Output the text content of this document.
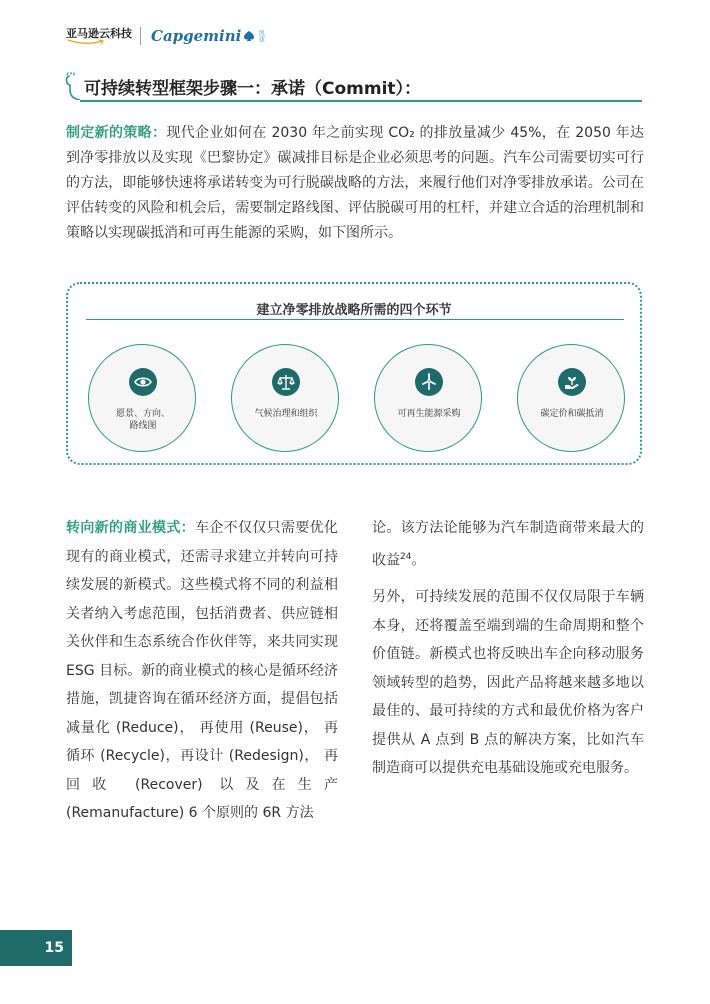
亚马逊云科技 Capgemini	凯捷
可持续转型框架步骤一：承诺（Commit）：

制定新的策略：现代企业如何在 2030 年之前实现 CO₂ 的排放量减少 45%，在 2050 年达到净零排放以及实现《巴黎协定》碳减排目标是企业必须思考的问题。汽车公司需要切实可行的方法，即能够快速将承诺转变为可行脱碳战略的方法，来履行他们对净零排放承诺。公司在评估转变的风险和机会后，需要制定路线图、评估脱碳可用的杠杆，并建立合适的治理机制和策略以实现碳抵消和可再生能源的采购，如下图所示。

建立净零排放战略所需的四个环节
愿景、方向、
路线图
气候治理和组织	可再生能源采购	碳定价和碳抵消

转向新的商业模式：车企不仅仅只需要优化现有的商业模式，还需寻求建立并转向可持续发展的新模式。这些模式将不同的利益相关者纳入考虑范围，包括消费者、供应链相关伙伴和生态系统合作伙伴等，来共同实现 ESG 目标。新的商业模式的核心是循环经济措施，凯捷咨询在循环经济方面，提倡包括减量化 (Reduce)， 再使用 (Reuse)， 再循环 (Recycle)，再设计 (Redesign)， 再回收 (Recover) 以及在生产 (Remanufacture) 6 个原则的 6R 方法

论。该方法论能够为汽车制造商带来最大的收益$^{24}$。

另外，可持续发展的范围不仅仅局限于车辆本身，还将覆盖至端到端的生命周期和整个价值链。新模式也将反映出车企向移动服务领域转型的趋势，因此产品将越来越多地以最佳的、最可持续的方式和最优价格为客户提供从 A 点到 B 点的解决方案，比如汽车制造商可以提供充电基础设施或充电服务。

15
